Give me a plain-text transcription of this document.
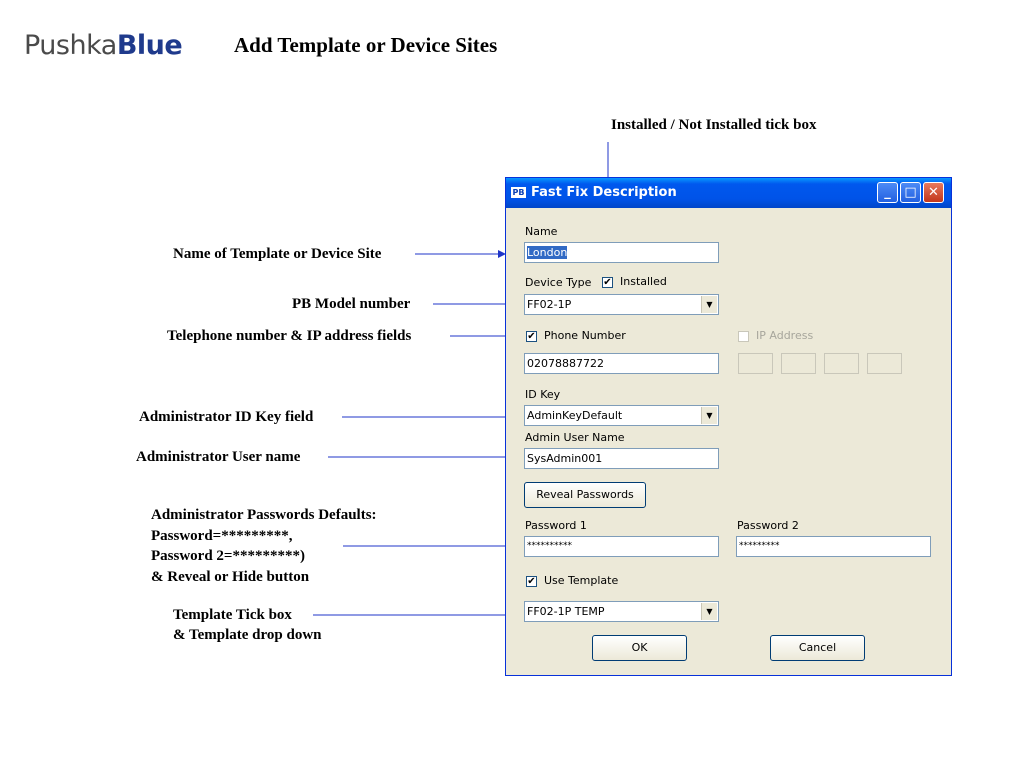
PushkaBlue Add Template or Device Sites
Installed / Not Installed tick box
Name of Template or Device Site
PB Model number
Telephone number & IP address fields
Administrator ID Key field
Administrator User name
Administrator Passwords Defaults:
Password=*********,
Password 2=*********)
& Reveal or Hide button
Template Tick box
& Template drop down
PB Fast Fix Description	_	□ ✕
Name
London
Device Type ✔ Installed
FF02-1P	▼
✔ Phone Number	IP Address
02078887722
ID Key
AdminKeyDefault	▼
Admin User Name
SysAdmin001
Reveal Passwords
Password 1
**********
Password 2
*********
✔ Use Template
FF02-1P TEMP	▼
OK	Cancel
